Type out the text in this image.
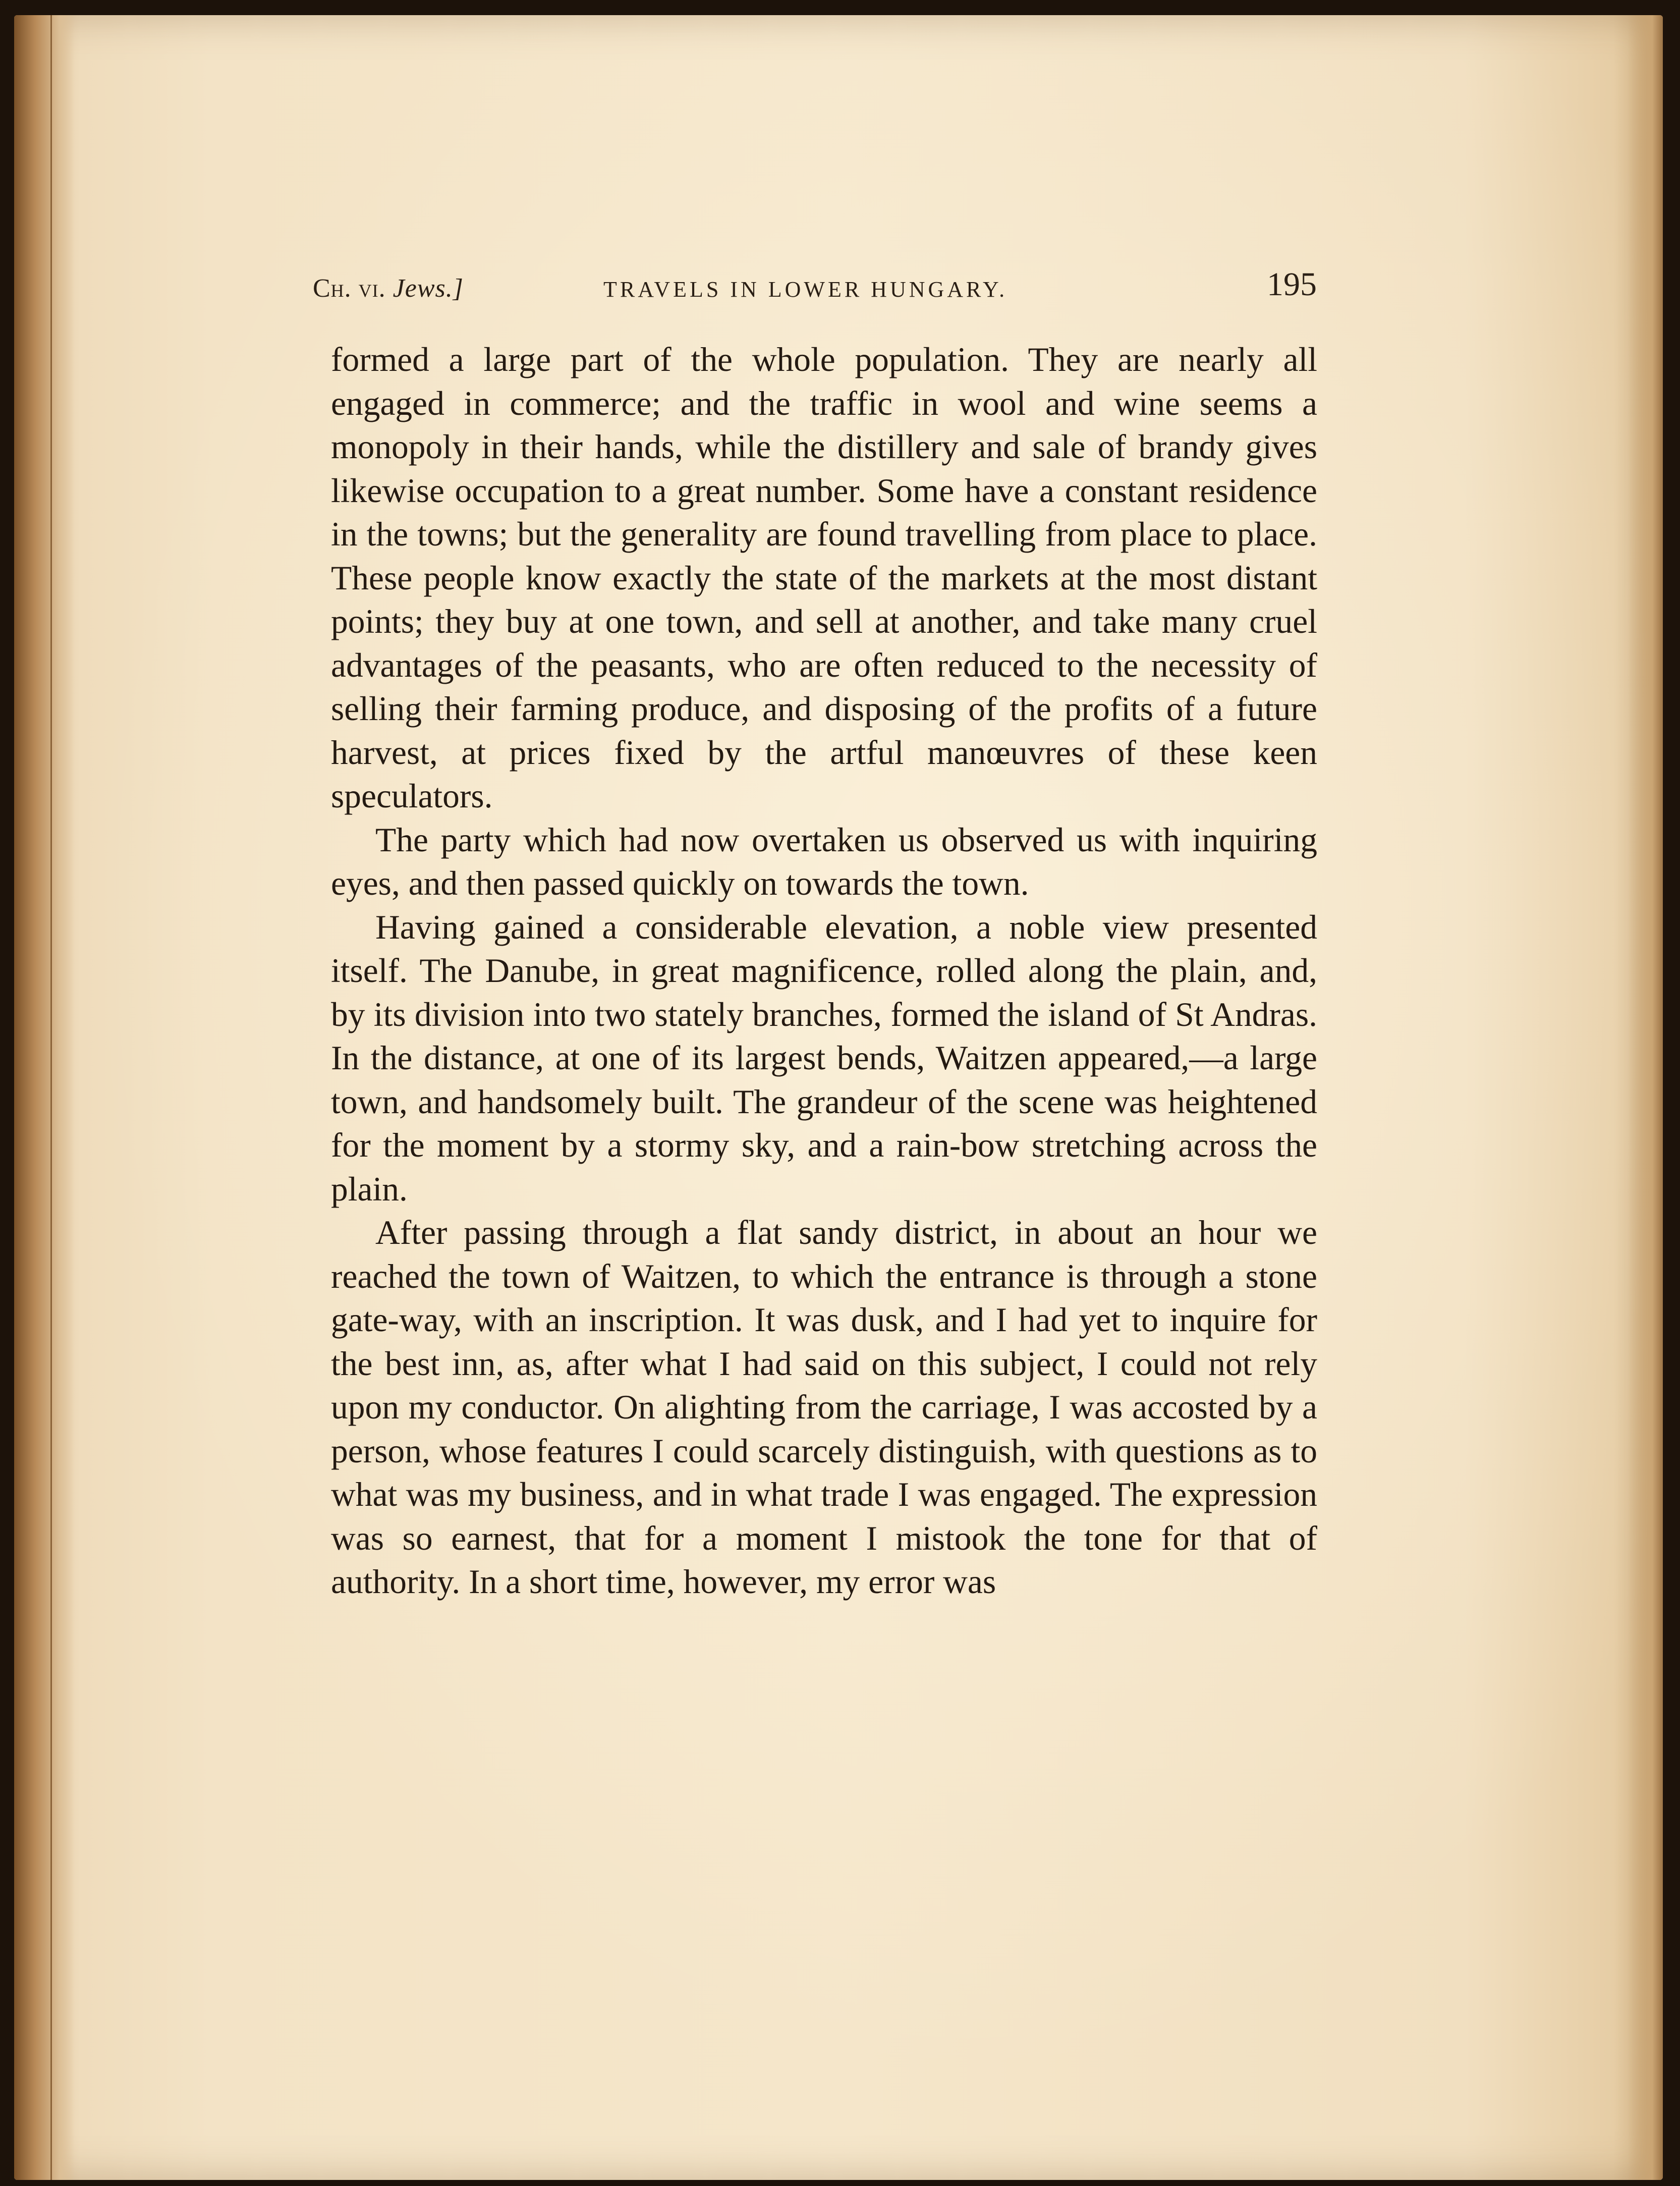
Ch. vi. Jews.]	TRAVELS IN LOWER HUNGARY.	195

formed a large part of the whole population. They are nearly all engaged in commerce; and the traffic in wool and wine seems a monopoly in their hands, while the distillery and sale of brandy gives likewise occupation to a great number. Some have a constant residence in the towns; but the generality are found travelling from place to place. These people know exactly the state of the markets at the most distant points; they buy at one town, and sell at another, and take many cruel advantages of the peasants, who are often reduced to the necessity of selling their farming produce, and disposing of the profits of a future harvest, at prices fixed by the artful manœuvres of these keen speculators.

The party which had now overtaken us observed us with inquiring eyes, and then passed quickly on towards the town.

Having gained a considerable elevation, a noble view presented itself. The Danube, in great magnificence, rolled along the plain, and, by its division into two stately branches, formed the island of St Andras. In the distance, at one of its largest bends, Waitzen appeared,—a large town, and handsomely built. The grandeur of the scene was heightened for the moment by a stormy sky, and a rain-bow stretching across the plain.

After passing through a flat sandy district, in about an hour we reached the town of Waitzen, to which the entrance is through a stone gate-way, with an inscription. It was dusk, and I had yet to inquire for the best inn, as, after what I had said on this subject, I could not rely upon my conductor. On alighting from the carriage, I was accosted by a person, whose features I could scarcely distinguish, with questions as to what was my business, and in what trade I was engaged. The expression was so earnest, that for a moment I mistook the tone for that of authority. In a short time, however, my error was
